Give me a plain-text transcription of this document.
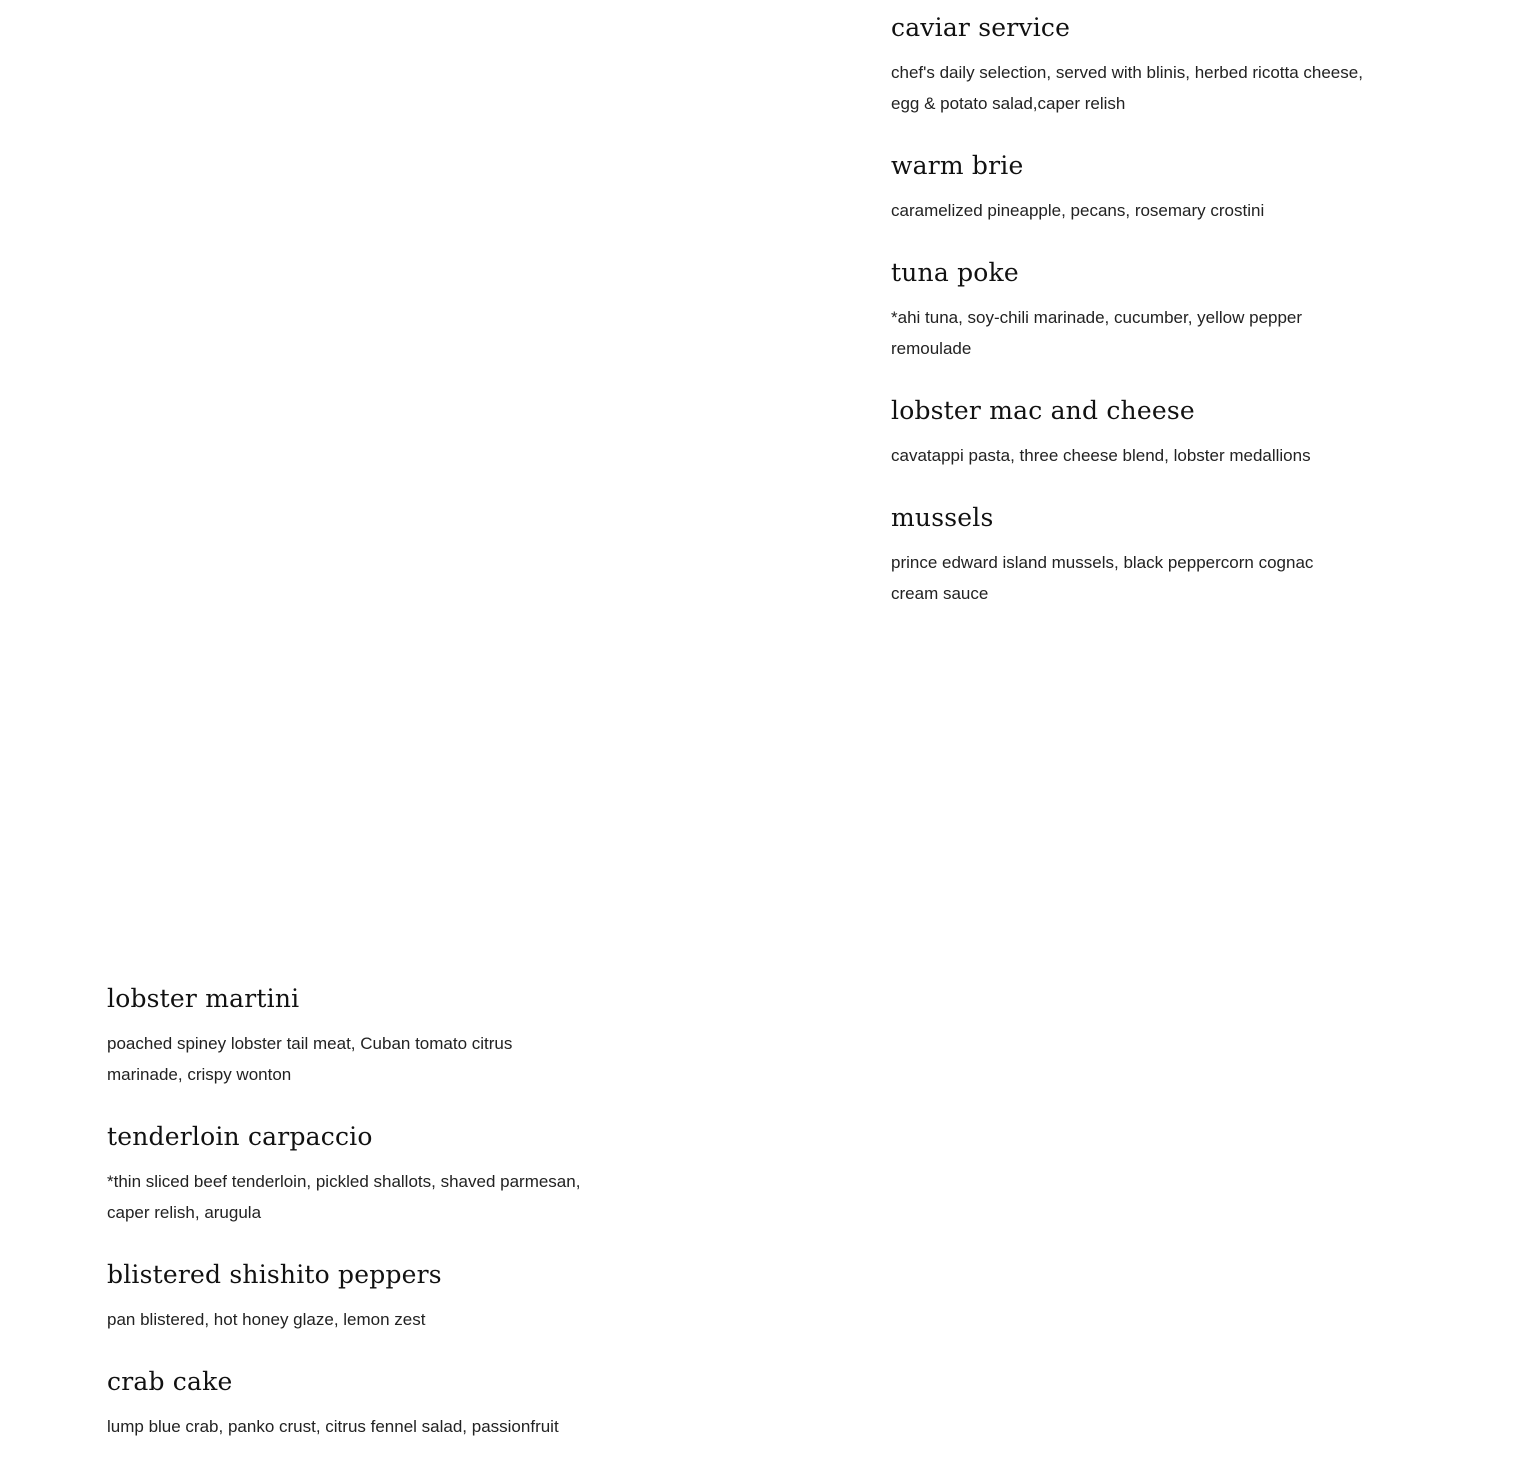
caviar service

chef's daily selection, served with blinis, herbed ricotta cheese,
egg & potato salad,caper relish

warm brie

caramelized pineapple, pecans, rosemary crostini

tuna poke

*ahi tuna, soy-chili marinade, cucumber, yellow pepper
remoulade

lobster mac and cheese

cavatappi pasta, three cheese blend, lobster medallions

mussels

prince edward island mussels, black peppercorn cognac
cream sauce

lobster martini

poached spiney lobster tail meat, Cuban tomato citrus
marinade, crispy wonton

tenderloin carpaccio

*thin sliced beef tenderloin, pickled shallots, shaved parmesan,
caper relish, arugula

blistered shishito peppers

pan blistered, hot honey glaze, lemon zest

crab cake

lump blue crab, panko crust, citrus fennel salad, passionfruit
